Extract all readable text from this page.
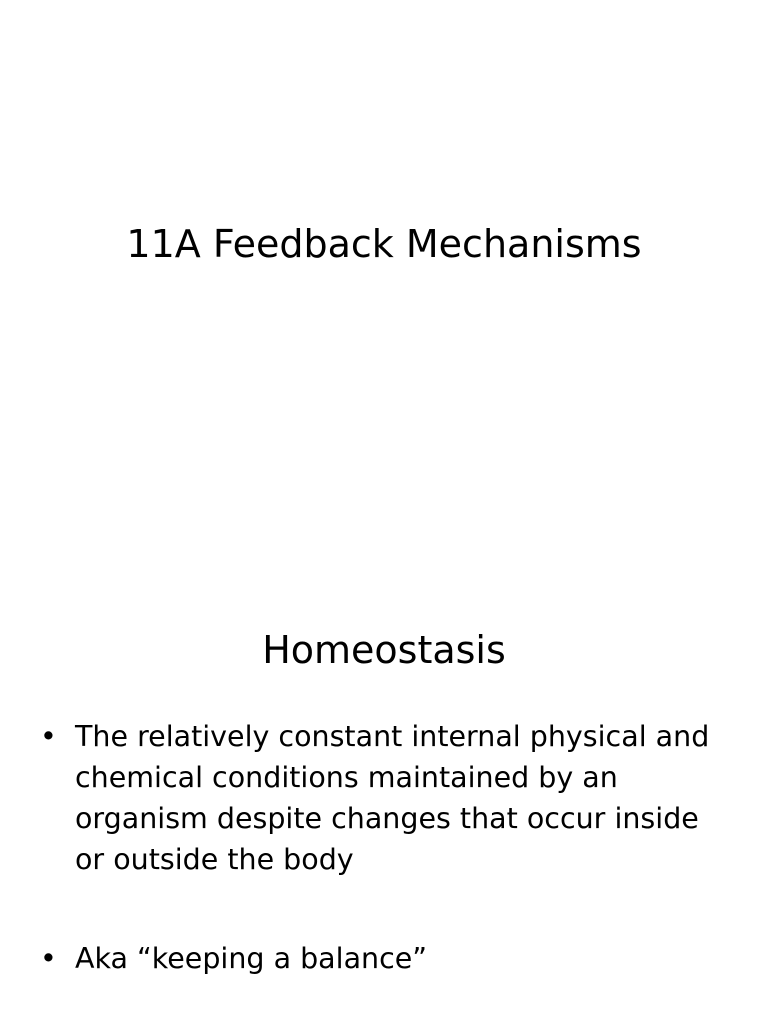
11A Feedback Mechanisms
Homeostasis
• The relatively constant internal physical and chemical conditions maintained by an organism despite changes that occur inside or outside the body
• Aka “keeping a balance”
